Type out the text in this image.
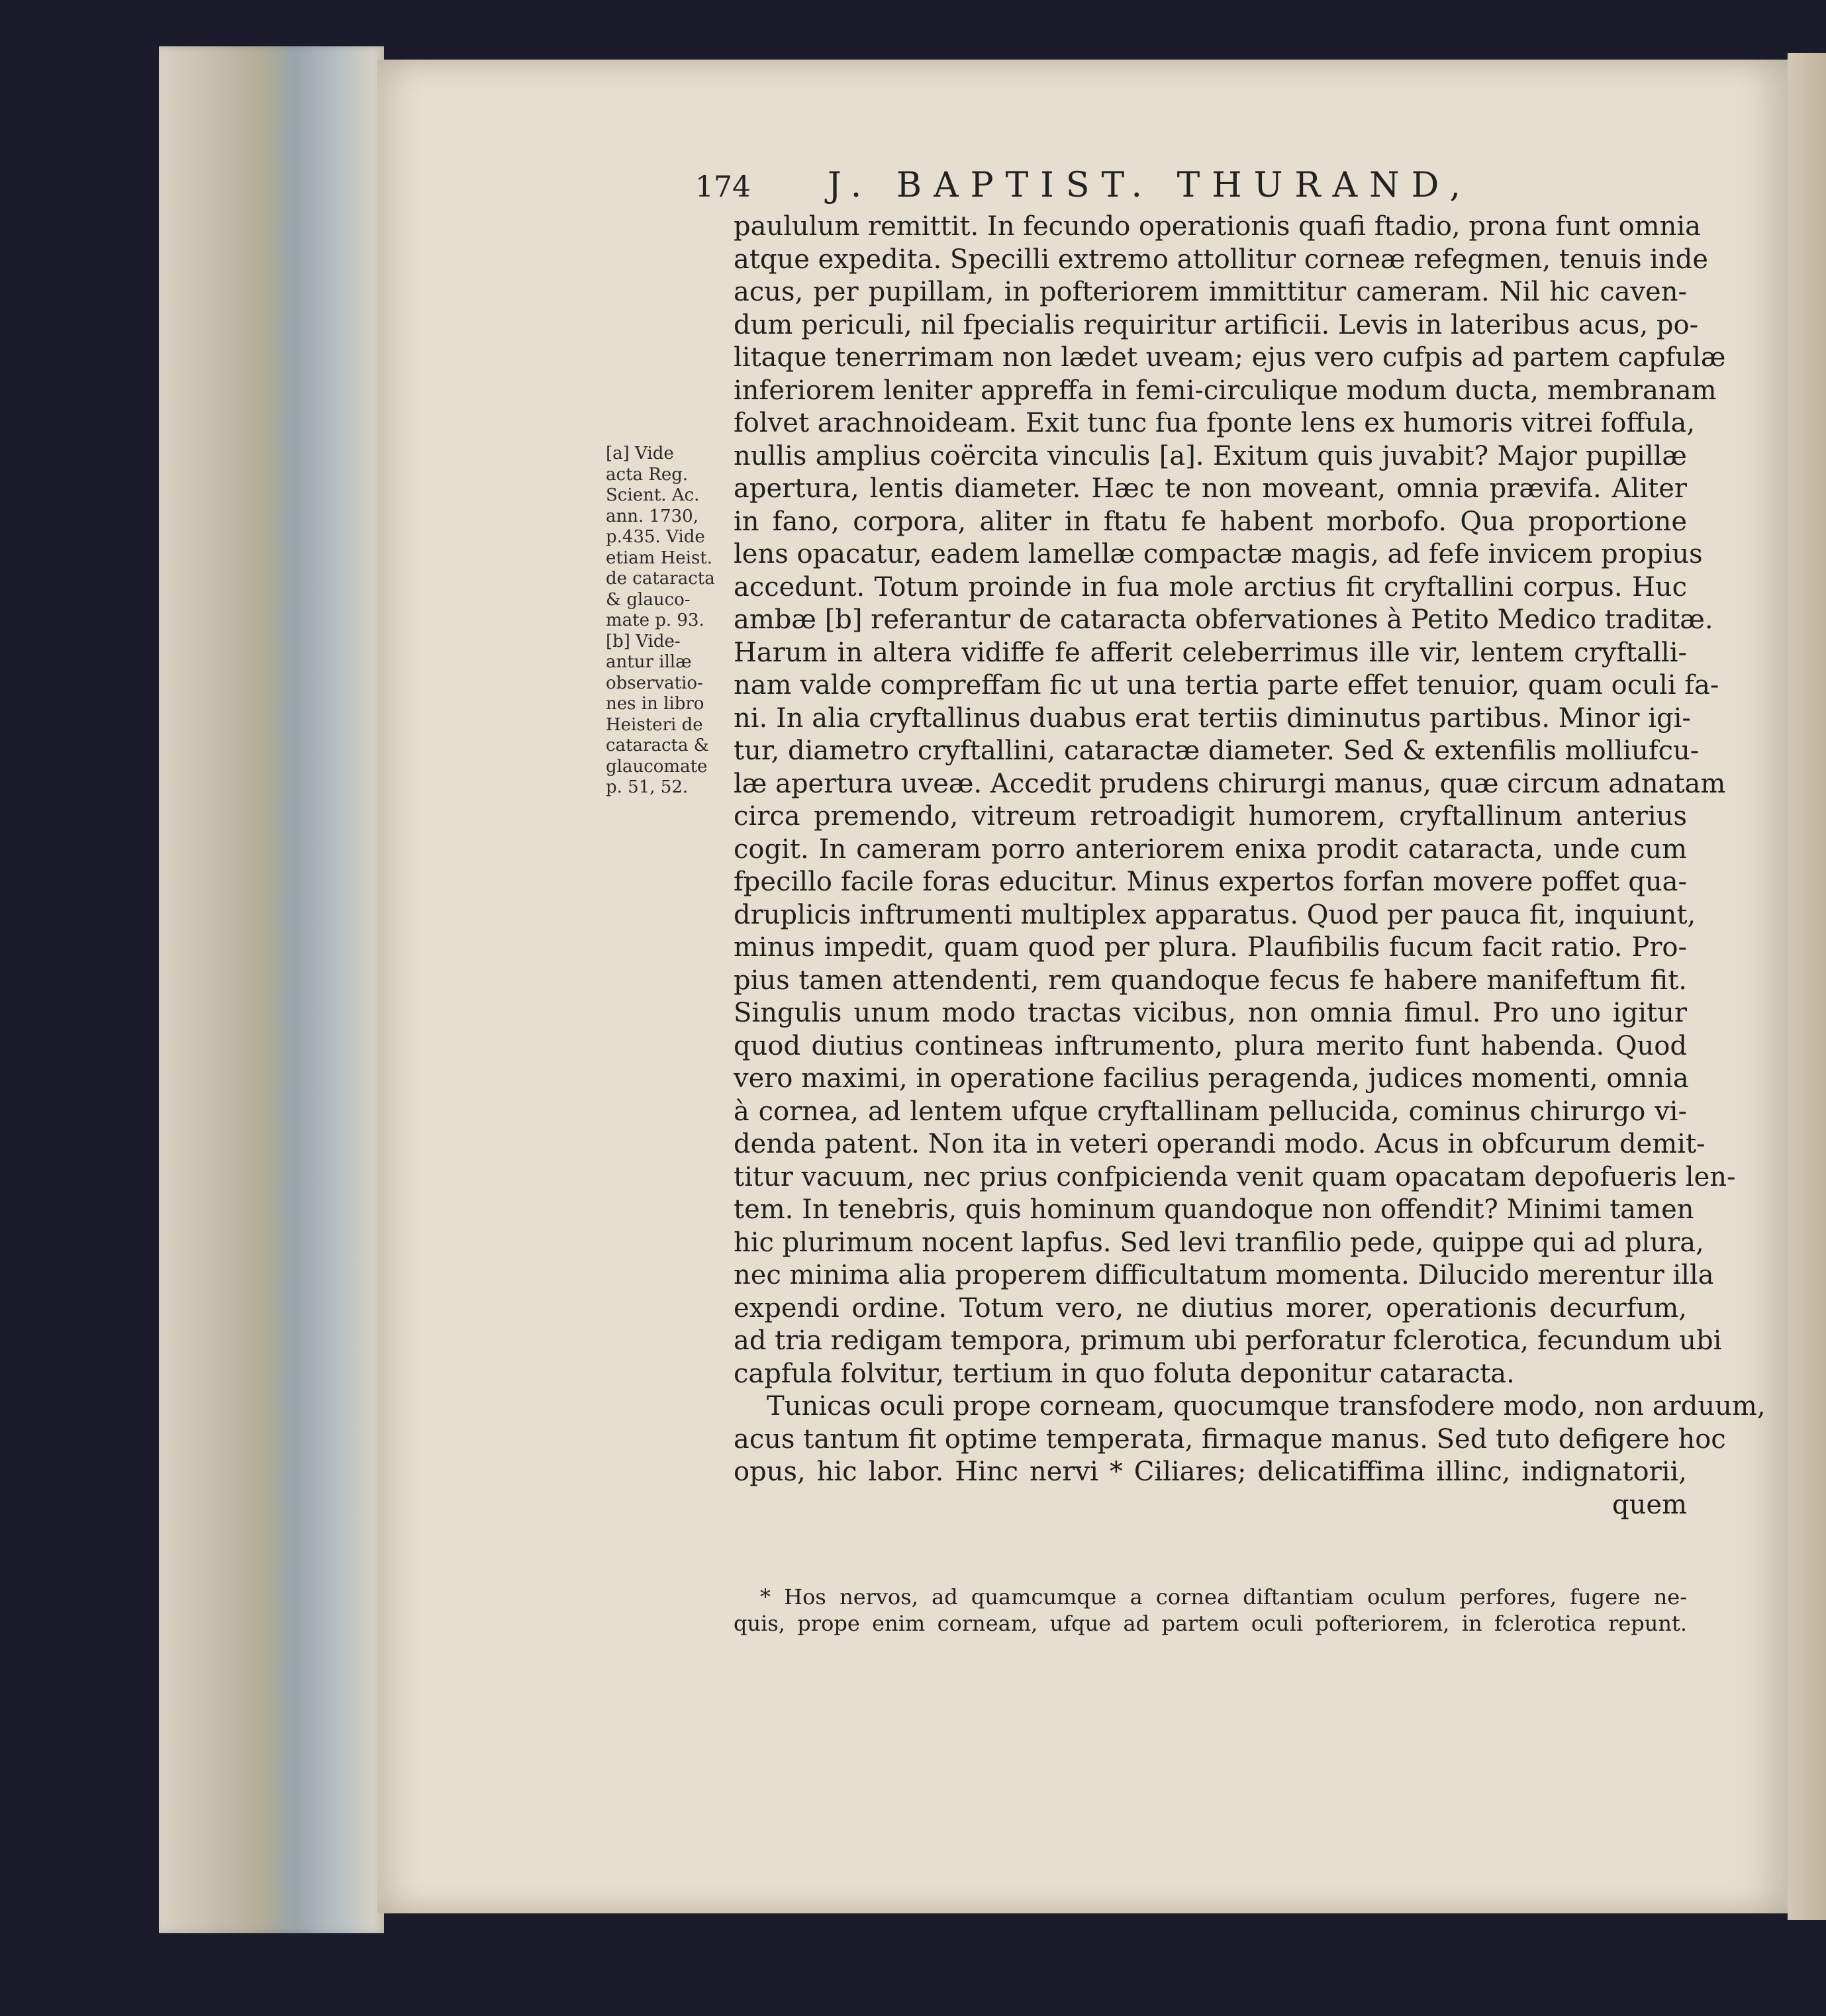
174	J. BAPTIST. THURAND,
[a] Vide
acta Reg.
Scient. Ac.
ann. 1730,
p.435. Vide
etiam Heist.
de cataracta
& glauco-
mate p. 93.
[b] Vide-
antur illæ
observatio-
nes in libro
Heisteri de
cataracta &
glaucomate
p. 51, 52.
paululum remittit. In fecundo operationis quafi ftadio, prona funt omnia
atque expedita. Specilli extremo attollitur corneæ refegmen, tenuis inde
acus, per pupillam, in pofteriorem immittitur cameram. Nil hic caven-
dum periculi, nil fpecialis requiritur artificii. Levis in lateribus acus, po-
litaque tenerrimam non lædet uveam; ejus vero cufpis ad partem capfulæ
inferiorem leniter appreffa in femi-circulique modum ducta, membranam
folvet arachnoideam. Exit tunc fua fponte lens ex humoris vitrei foffula,
nullis amplius coërcita vinculis [a]. Exitum quis juvabit? Major pupillæ
apertura, lentis diameter. Hæc te non moveant, omnia prævifa. Aliter
in fano, corpora, aliter in ftatu fe habent morbofo. Qua proportione
lens opacatur, eadem lamellæ compactæ magis, ad fefe invicem propius
accedunt. Totum proinde in fua mole arctius fit cryftallini corpus. Huc
ambæ [b] referantur de cataracta obfervationes à Petito Medico traditæ.
Harum in altera vidiffe fe afferit celeberrimus ille vir, lentem cryftalli-
nam valde compreffam fic ut una tertia parte effet tenuior, quam oculi fa-
ni. In alia cryftallinus duabus erat tertiis diminutus partibus. Minor igi-
tur, diametro cryftallini, cataractæ diameter. Sed & extenfilis molliufcu-
læ apertura uveæ. Accedit prudens chirurgi manus, quæ circum adnatam
circa premendo, vitreum retroadigit humorem, cryftallinum anterius
cogit. In cameram porro anteriorem enixa prodit cataracta, unde cum
fpecillo facile foras educitur. Minus expertos forfan movere poffet qua-
druplicis inftrumenti multiplex apparatus. Quod per pauca fit, inquiunt,
minus impedit, quam quod per plura. Plaufibilis fucum facit ratio. Pro-
pius tamen attendenti, rem quandoque fecus fe habere manifeftum fit.
Singulis unum modo tractas vicibus, non omnia fimul. Pro uno igitur
quod diutius contineas inftrumento, plura merito funt habenda. Quod
vero maximi, in operatione facilius peragenda, judices momenti, omnia
à cornea, ad lentem ufque cryftallinam pellucida, cominus chirurgo vi-
denda patent. Non ita in veteri operandi modo. Acus in obfcurum demit-
titur vacuum, nec prius confpicienda venit quam opacatam depofueris len-
tem. In tenebris, quis hominum quandoque non offendit? Minimi tamen
hic plurimum nocent lapfus. Sed levi tranfilio pede, quippe qui ad plura,
nec minima alia properem difficultatum momenta. Dilucido merentur illa
expendi ordine. Totum vero, ne diutius morer, operationis decurfum,
ad tria redigam tempora, primum ubi perforatur fclerotica, fecundum ubi
capfula folvitur, tertium in quo foluta deponitur cataracta.
Tunicas oculi prope corneam, quocumque transfodere modo, non arduum,
acus tantum fit optime temperata, firmaque manus. Sed tuto defigere hoc
opus, hic labor. Hinc nervi * Ciliares; delicatiffima illinc, indignatorii,
quem
* Hos nervos, ad quamcumque a cornea diftantiam oculum perfores, fugere ne-
quis, prope enim corneam, ufque ad partem oculi pofteriorem, in fclerotica repunt.
